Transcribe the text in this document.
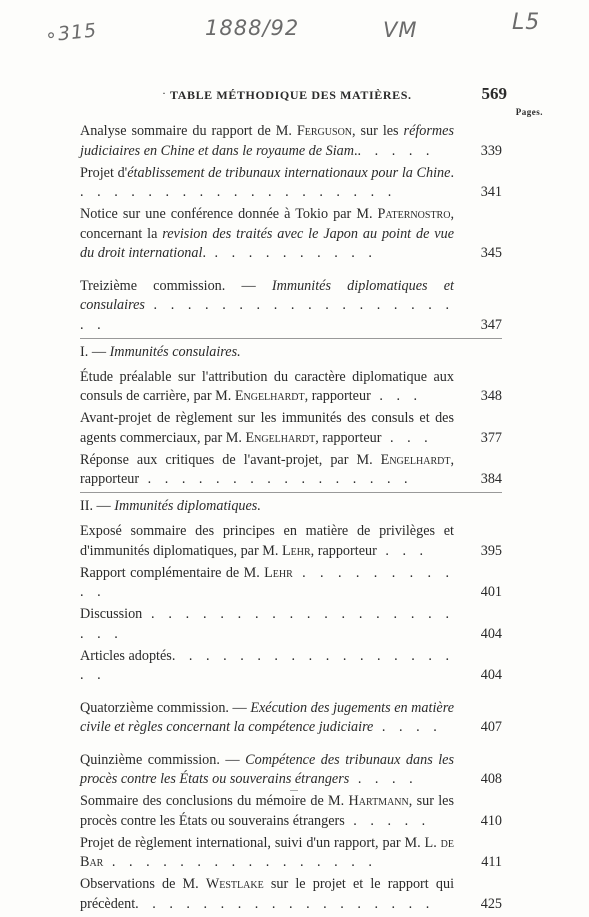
∘315	1888/92	VM	L5
· TABLE MÉTHODIQUE DES MATIÈRES.	569
Pages.
Analyse sommaire du rapport de M. Ferguson, sur les réformes judiciaires en Chine et dans le royaume de Siam.. . . . .	339
Projet d'établissement de tribunaux internationaux pour la Chine. . . . . . . . . . . . . . . . . . . .	341
Notice sur une conférence donnée à Tokio par M. Paternostro, concernant la revision des traités avec le Japon au point de vue du droit international. . . . . . . . . . .	345
Treizième commission. — Immunités diplomatiques et consulaires . . . . . . . . . . . . . . . . . . . .	347
I. — Immunités consulaires.
Étude préalable sur l'attribution du caractère diplomatique aux consuls de carrière, par M. Engelhardt, rapporteur . . .	348
Avant-projet de règlement sur les immunités des consuls et des agents commerciaux, par M. Engelhardt, rapporteur . . .	377
Réponse aux critiques de l'avant-projet, par M. Engelhardt, rapporteur . . . . . . . . . . . . . . . .	384
II. — Immunités diplomatiques.
Exposé sommaire des principes en matière de privilèges et d'immunités diplomatiques, par M. Lehr, rapporteur . . .	395
Rapport complémentaire de M. Lehr . . . . . . . . . . .	401
Discussion . . . . . . . . . . . . . . . . . . . . .	404
Articles adoptés. . . . . . . . . . . . . . . . . . .	404
Quatorzième commission. — Exécution des jugements en matière civile et règles concernant la compétence judiciaire . . . .	407
Quinzième commission. — Compétence des tribunaux dans les procès contre les États ou souverains étrangers . . . .	408
Sommaire des conclusions du mémoire de M. Hartmann, sur les procès contre les États ou souverains étrangers . . . . .	410
Projet de règlement international, suivi d'un rapport, par M. L. de Bar . . . . . . . . . . . . . . . .	411
Observations de M. Westlake sur le projet et le rapport qui précèdent. . . . . . . . . . . . . . . . . .	425
